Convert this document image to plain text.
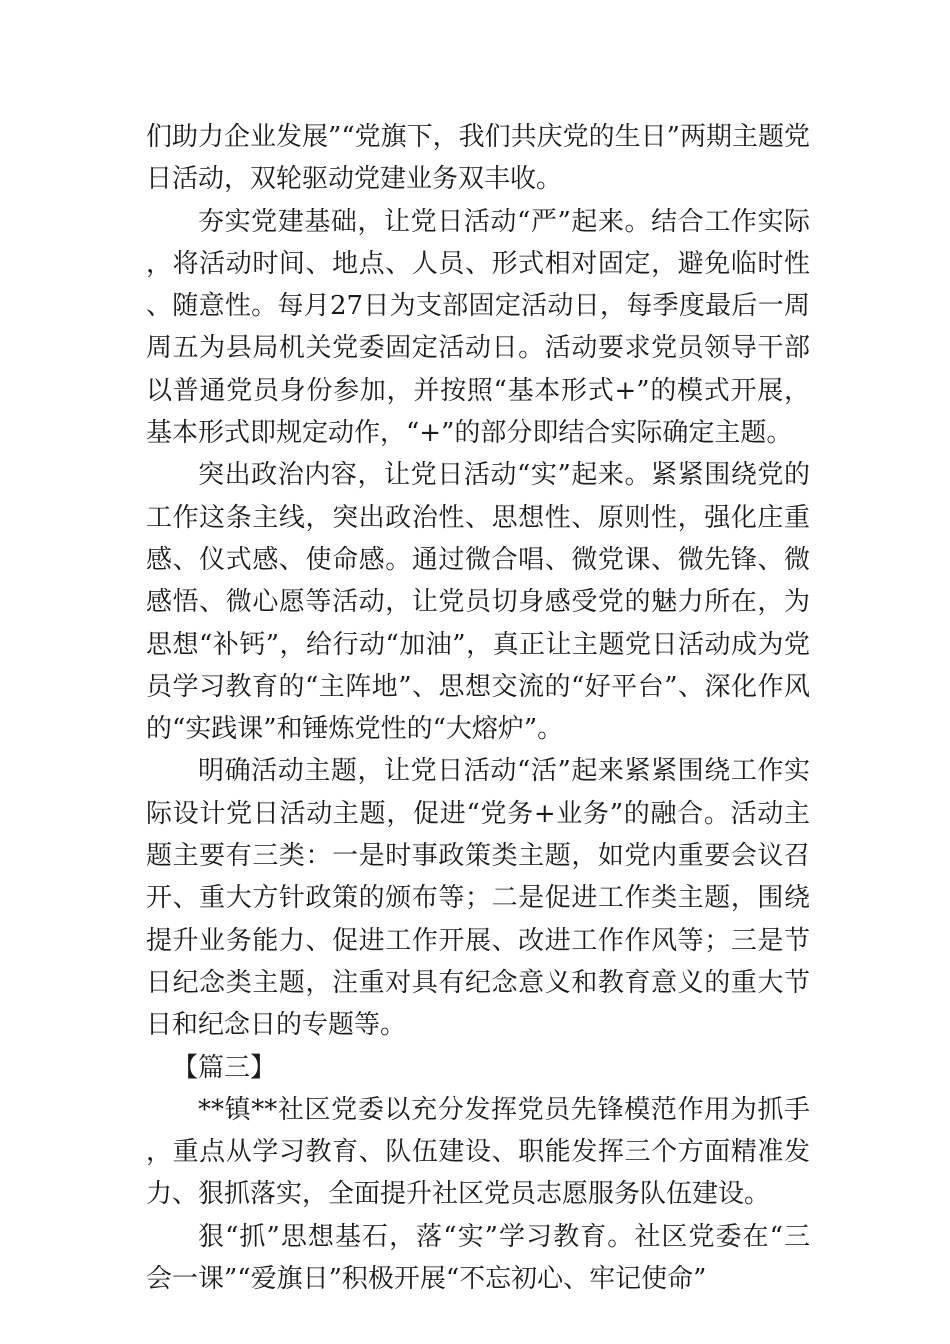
们助力企业发展”“党旗下，我们共庆党的生日”两期主题党日活动，双轮驱动党建业务双丰收。

夯实党建基础，让党日活动“严”起来。结合工作实际，将活动时间、地点、人员、形式相对固定，避免临时性、随意性。每月27日为支部固定活动日，每季度最后一周周五为县局机关党委固定活动日。活动要求党员领导干部以普通党员身份参加，并按照“基本形式+”的模式开展，基本形式即规定动作，“+”的部分即结合实际确定主题。

突出政治内容，让党日活动“实”起来。紧紧围绕党的工作这条主线，突出政治性、思想性、原则性，强化庄重感、仪式感、使命感。通过微合唱、微党课、微先锋、微感悟、微心愿等活动，让党员切身感受党的魅力所在，为思想“补钙”，给行动“加油”，真正让主题党日活动成为党员学习教育的“主阵地”、思想交流的“好平台”、深化作风的“实践课”和锤炼党性的“大熔炉”。

明确活动主题，让党日活动“活”起来紧紧围绕工作实际设计党日活动主题，促进“党务+业务”的融合。活动主题主要有三类：一是时事政策类主题，如党内重要会议召开、重大方针政策的颁布等；二是促进工作类主题，围绕提升业务能力、促进工作开展、改进工作作风等；三是节日纪念类主题，注重对具有纪念意义和教育意义的重大节日和纪念日的专题等。

【篇三】

**镇**社区党委以充分发挥党员先锋模范作用为抓手，重点从学习教育、队伍建设、职能发挥三个方面精准发力、狠抓落实，全面提升社区党员志愿服务队伍建设。

狠“抓”思想基石，落“实”学习教育。社区党委在“三会一课”“爱旗日”积极开展“不忘初心、牢记使命”
